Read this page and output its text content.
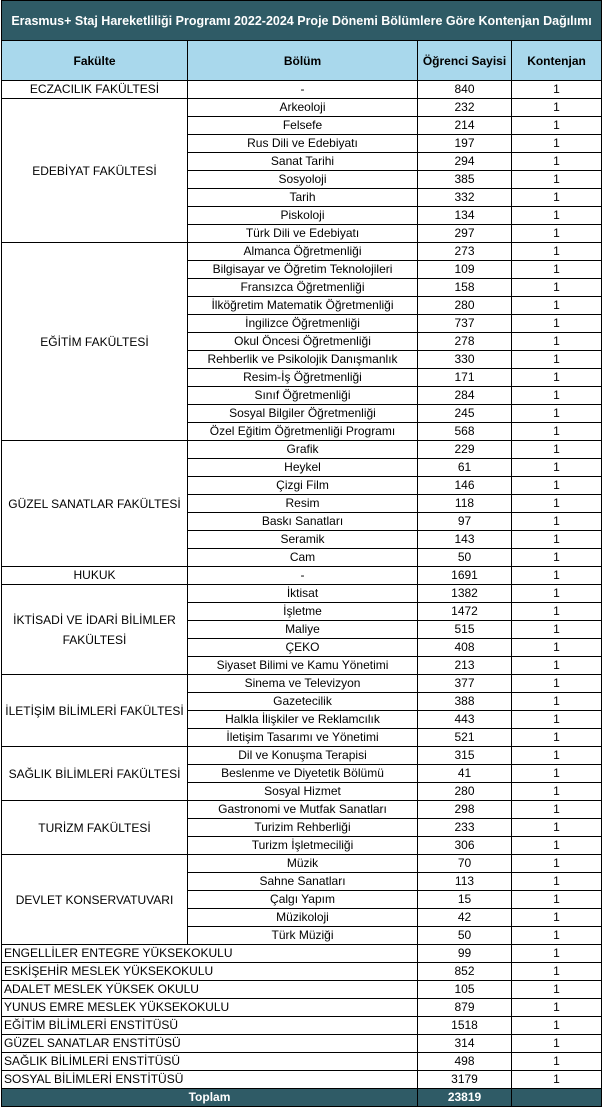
Erasmus+ Staj Hareketliliği Programı 2022-2024 Proje Dönemi Bölümlere Göre Kontenjan Dağılımı			
Fakülte	Bölüm	Öğrenci Sayisi	Kontenjan
ECZACILIK FAKÜLTESİ	-	840	1
EDEBİYAT FAKÜLTESİ	Arkeoloji	232	1
	Felsefe	214	1
	Rus Dili ve Edebiyatı	197	1
	Sanat Tarihi	294	1
	Sosyoloji	385	1
	Tarih	332	1
	Piskoloji	134	1
	Türk Dili ve Edebiyatı	297	1
EĞİTİM FAKÜLTESİ	Almanca Öğretmenliği	273	1
	Bilgisayar ve Öğretim Teknolojileri	109	1
	Fransızca Öğretmenliği	158	1
	İlköğretim Matematik Öğretmenliği	280	1
	İngilizce Öğretmenliği	737	1
	Okul Öncesi Öğretmenliği	278	1
	Rehberlik ve Psikolojik Danışmanlık	330	1
	Resim-İş Öğretmenliği	171	1
	Sınıf Öğretmenliği	284	1
	Sosyal Bilgiler Öğretmenliği	245	1
	Özel Eğitim Öğretmenliği Programı	568	1
GÜZEL SANATLAR FAKÜLTESİ	Grafik	229	1
	Heykel	61	1
	Çizgi Film	146	1
	Resim	118	1
	Baskı Sanatları	97	1
	Seramik	143	1
	Cam	50	1
HUKUK	-	1691	1
İKTİSADİ VE İDARİ BİLİMLER FAKÜLTESİ	İktisat	1382	1
	İşletme	1472	1
	Maliye	515	1
	ÇEKO	408	1
	Siyaset Bilimi ve Kamu Yönetimi	213	1
İLETİŞİM BİLİMLERİ FAKÜLTESİ	Sinema ve Televizyon	377	1
	Gazetecilik	388	1
	Halkla İlişkiler ve Reklamcılık	443	1
	İletişim Tasarımı ve Yönetimi	521	1
SAĞLIK BİLİMLERİ FAKÜLTESİ	Dil ve Konuşma Terapisi	315	1
	Beslenme ve Diyetetik Bölümü	41	1
	Sosyal Hizmet	280	1
TURİZM FAKÜLTESİ	Gastronomi ve Mutfak Sanatları	298	1
	Turizim Rehberliği	233	1
	Turizm İşletmeciliği	306	1
DEVLET KONSERVATUVARI	Müzik	70	1
	Sahne Sanatları	113	1
	Çalgı Yapım	15	1
	Müzikoloji	42	1
	Türk Müziği	50	1
ENGELLİLER ENTEGRE YÜKSEKOKULU		99	1
ESKİŞEHİR MESLEK YÜKSEKOKULU		852	1
ADALET MESLEK YÜKSEK OKULU		105	1
YUNUS EMRE MESLEK YÜKSEKOKULU		879	1
EĞİTİM BİLİMLERİ ENSTİTÜSÜ		1518	1
GÜZEL SANATLAR ENSTİTÜSÜ		314	1
SAĞLIK BİLİMLERİ ENSTİTÜSÜ		498	1
SOSYAL BİLİMLERİ ENSTİTÜSÜ		3179	1
Toplam		23819	
